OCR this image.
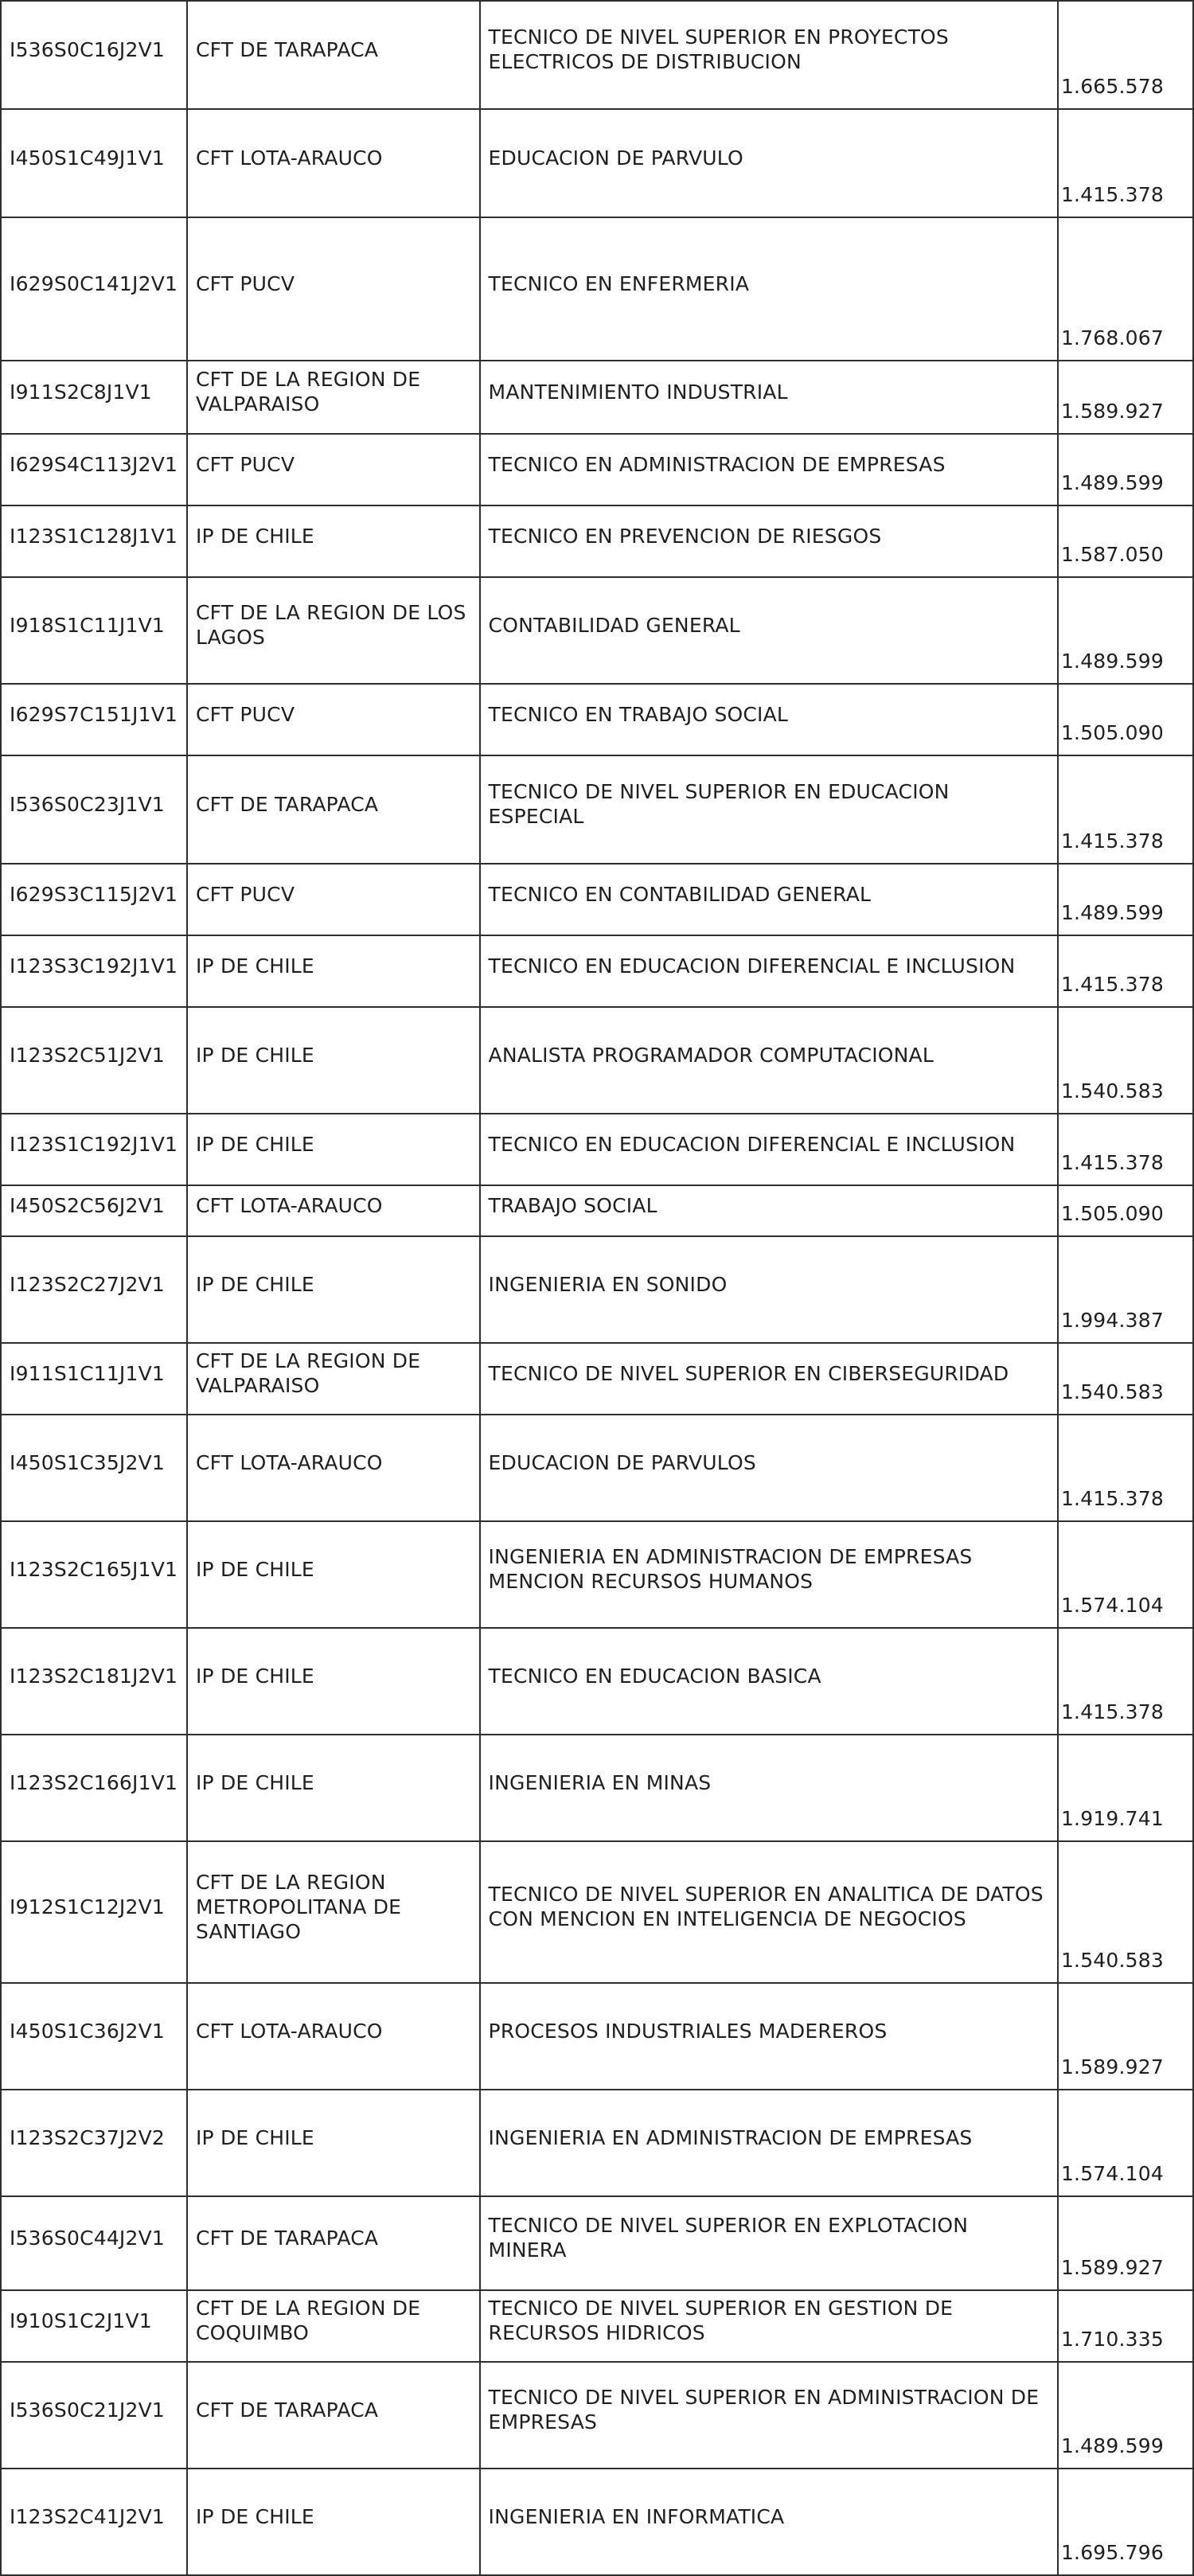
I536S0C16J2V1	CFT DE TARAPACA	TECNICO DE NIVEL SUPERIOR EN PROYECTOS ELECTRICOS DE DISTRIBUCION	1.665.578
I450S1C49J1V1	CFT LOTA-ARAUCO	EDUCACION DE PARVULO	1.415.378
I629S0C141J2V1	CFT PUCV	TECNICO EN ENFERMERIA	1.768.067
I911S2C8J1V1	CFT DE LA REGION DE VALPARAISO	MANTENIMIENTO INDUSTRIAL	1.589.927
I629S4C113J2V1	CFT PUCV	TECNICO EN ADMINISTRACION DE EMPRESAS	1.489.599
I123S1C128J1V1	IP DE CHILE	TECNICO EN PREVENCION DE RIESGOS	1.587.050
I918S1C11J1V1	CFT DE LA REGION DE LOS LAGOS	CONTABILIDAD GENERAL	1.489.599
I629S7C151J1V1	CFT PUCV	TECNICO EN TRABAJO SOCIAL	1.505.090
I536S0C23J1V1	CFT DE TARAPACA	TECNICO DE NIVEL SUPERIOR EN EDUCACION ESPECIAL	1.415.378
I629S3C115J2V1	CFT PUCV	TECNICO EN CONTABILIDAD GENERAL	1.489.599
I123S3C192J1V1	IP DE CHILE	TECNICO EN EDUCACION DIFERENCIAL E INCLUSION	1.415.378
I123S2C51J2V1	IP DE CHILE	ANALISTA PROGRAMADOR COMPUTACIONAL	1.540.583
I123S1C192J1V1	IP DE CHILE	TECNICO EN EDUCACION DIFERENCIAL E INCLUSION	1.415.378
I450S2C56J2V1	CFT LOTA-ARAUCO	TRABAJO SOCIAL	1.505.090
I123S2C27J2V1	IP DE CHILE	INGENIERIA EN SONIDO	1.994.387
I911S1C11J1V1	CFT DE LA REGION DE VALPARAISO	TECNICO DE NIVEL SUPERIOR EN CIBERSEGURIDAD	1.540.583
I450S1C35J2V1	CFT LOTA-ARAUCO	EDUCACION DE PARVULOS	1.415.378
I123S2C165J1V1	IP DE CHILE	INGENIERIA EN ADMINISTRACION DE EMPRESAS MENCION RECURSOS HUMANOS	1.574.104
I123S2C181J2V1	IP DE CHILE	TECNICO EN EDUCACION BASICA	1.415.378
I123S2C166J1V1	IP DE CHILE	INGENIERIA EN MINAS	1.919.741
I912S1C12J2V1	CFT DE LA REGION METROPOLITANA DE SANTIAGO	TECNICO DE NIVEL SUPERIOR EN ANALITICA DE DATOS CON MENCION EN INTELIGENCIA DE NEGOCIOS	1.540.583
I450S1C36J2V1	CFT LOTA-ARAUCO	PROCESOS INDUSTRIALES MADEREROS	1.589.927
I123S2C37J2V2	IP DE CHILE	INGENIERIA EN ADMINISTRACION DE EMPRESAS	1.574.104
I536S0C44J2V1	CFT DE TARAPACA	TECNICO DE NIVEL SUPERIOR EN EXPLOTACION MINERA	1.589.927
I910S1C2J1V1	CFT DE LA REGION DE COQUIMBO	TECNICO DE NIVEL SUPERIOR EN GESTION DE RECURSOS HIDRICOS	1.710.335
I536S0C21J2V1	CFT DE TARAPACA	TECNICO DE NIVEL SUPERIOR EN ADMINISTRACION DE EMPRESAS	1.489.599
I123S2C41J2V1	IP DE CHILE	INGENIERIA EN INFORMATICA	1.695.796
